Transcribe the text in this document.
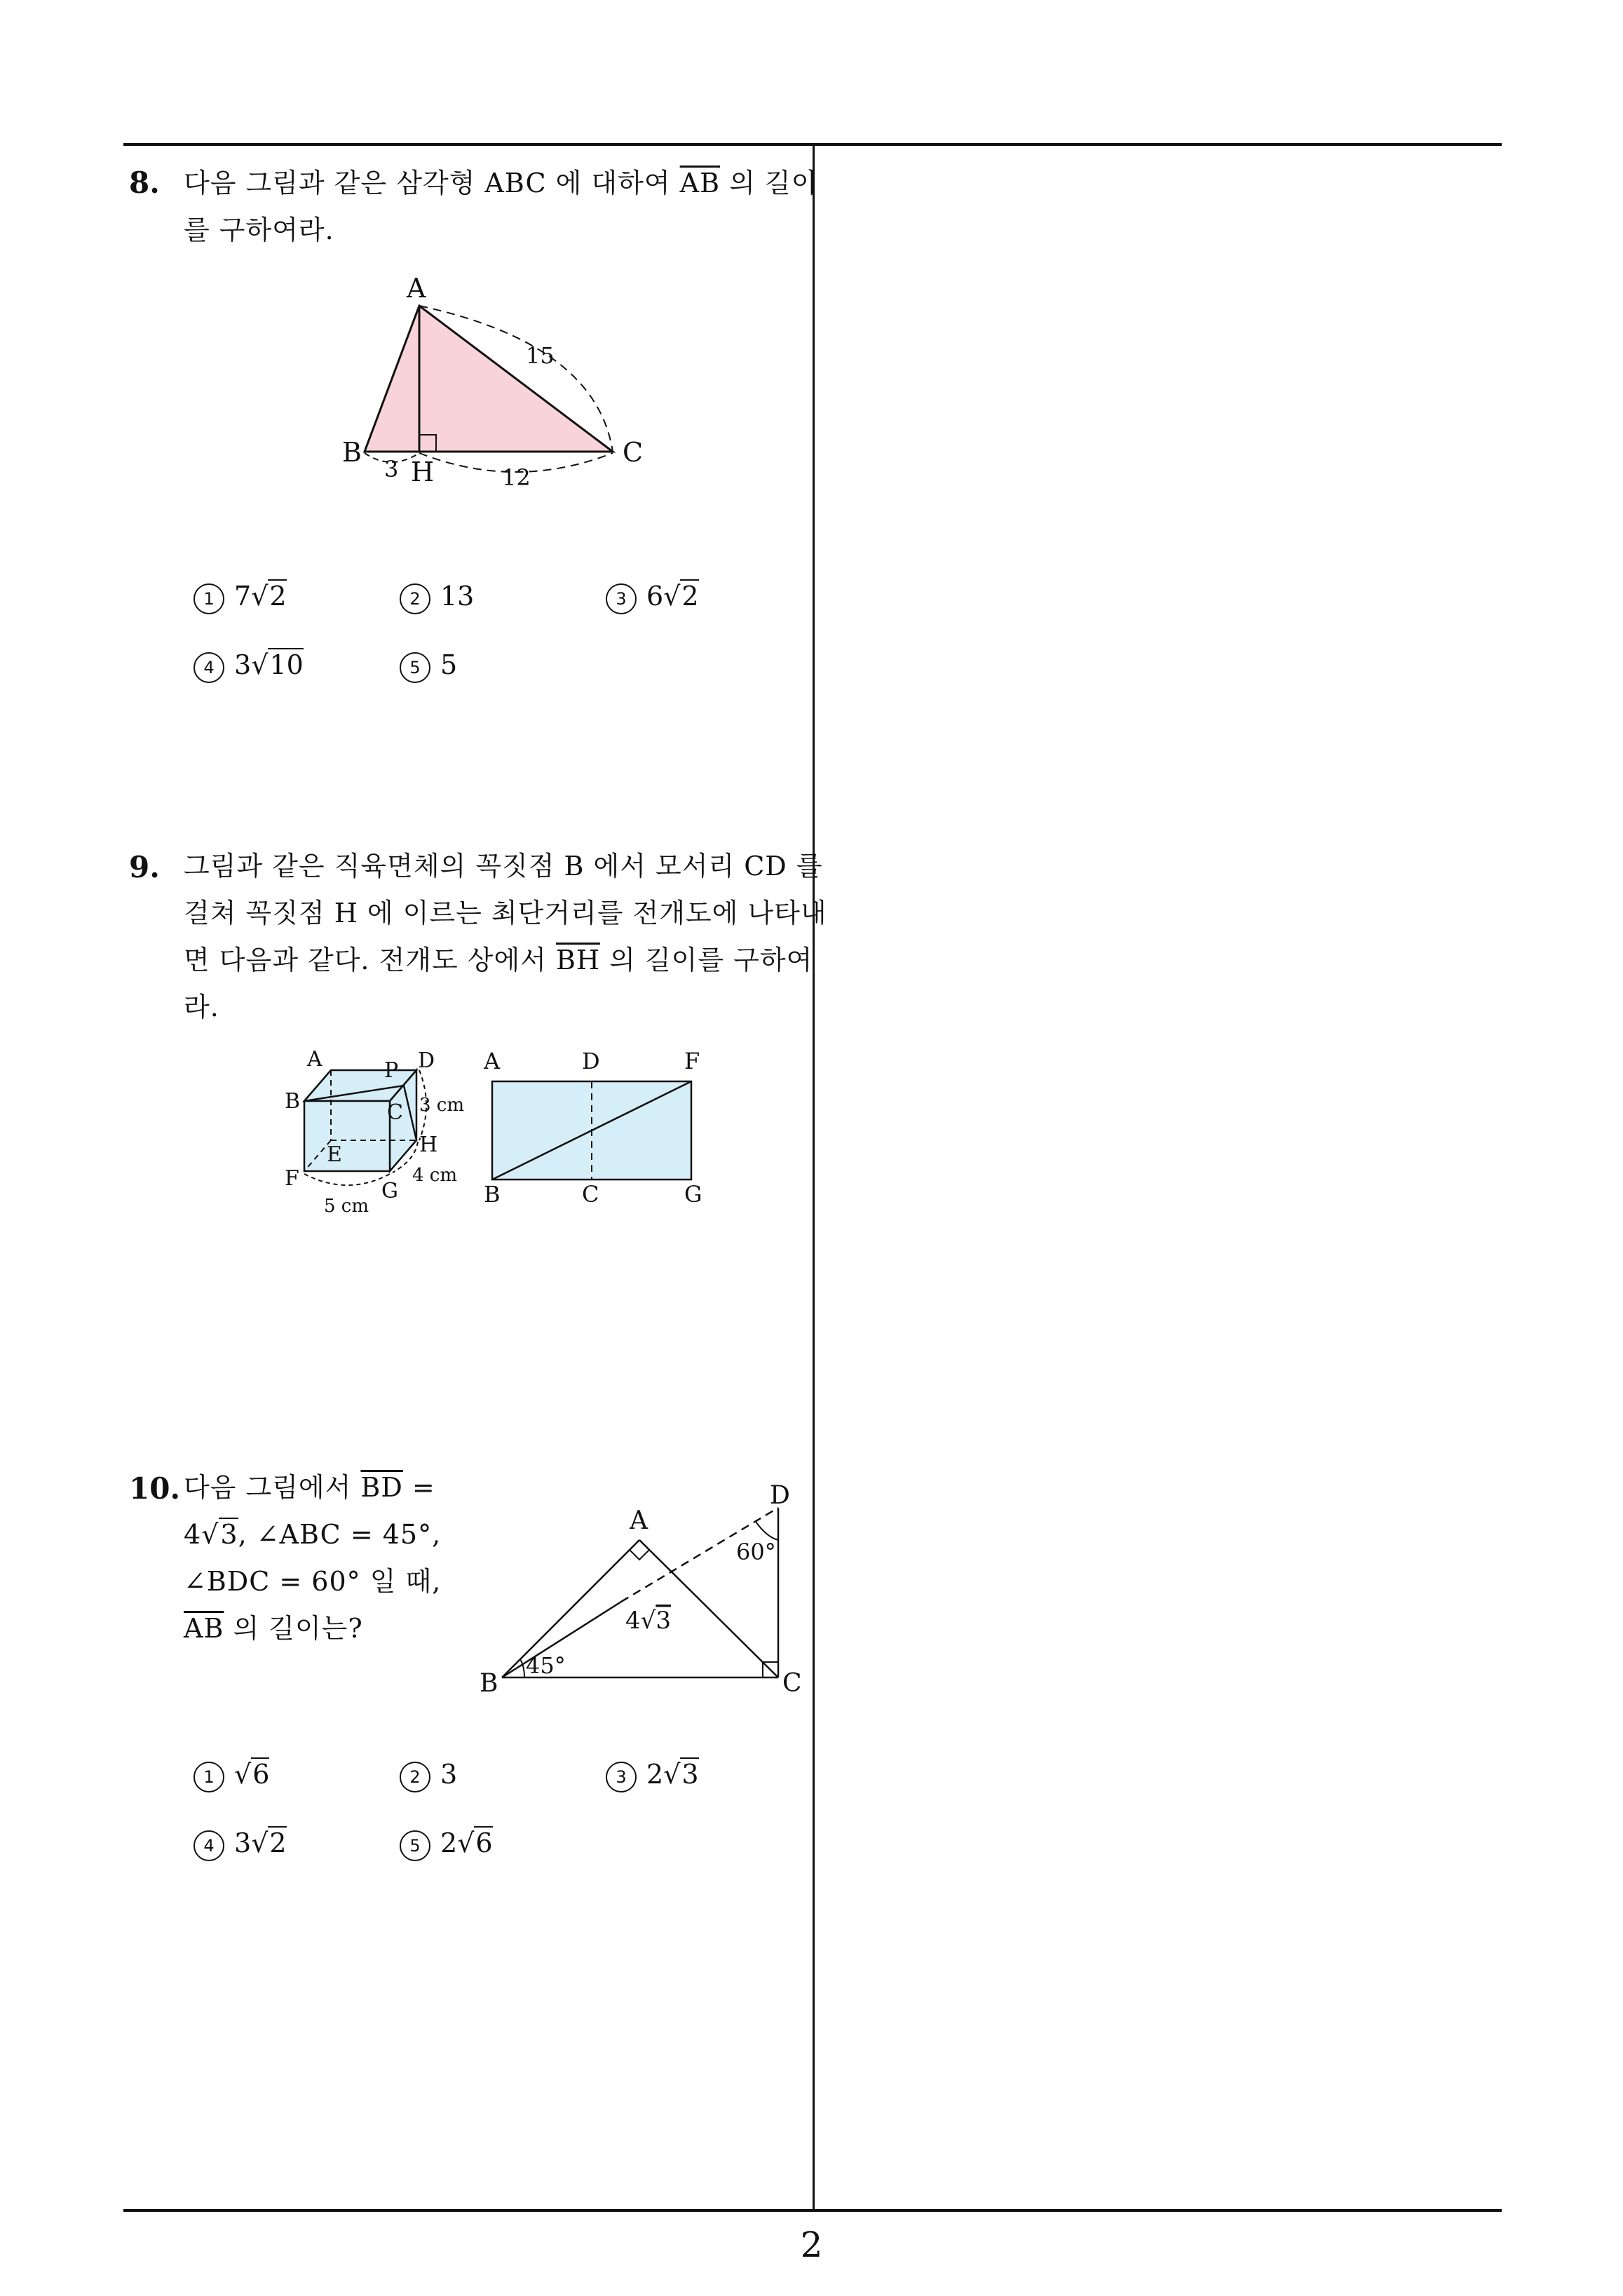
8. 다음 그림과 같은 삼각형 ABC 에 대하여 $\overline{AB}$ 의 길이
를 구하여라.
A
B	C
H
15
3	12
1 7√2	2 13	3 6√2
4 3√10	5 5
9. 그림과 같은 직육면체의 꼭짓점 B 에서 모서리 CD 를
걸쳐 꼭짓점 H 에 이르는 최단거리를 전개도에 나타내
면 다음과 같다. 전개도 상에서 $\overline{BH}$ 의 길이를 구하여
라.
A
B	C
D
E
F
G
H
P
3 cm
4 cm
5 cm
A	D	F
B	C	G
10. 다음 그림에서 $\overline{BD}$ =
4√3, ∠ABC = 45°,
∠BDC = 60° 일 때,
$\overline{AB}$ 의 길이는?
A
B	C
D
60°
45°
4√3
1 √6	2 3	3 2√3
4 3√2	5 2√6
2
